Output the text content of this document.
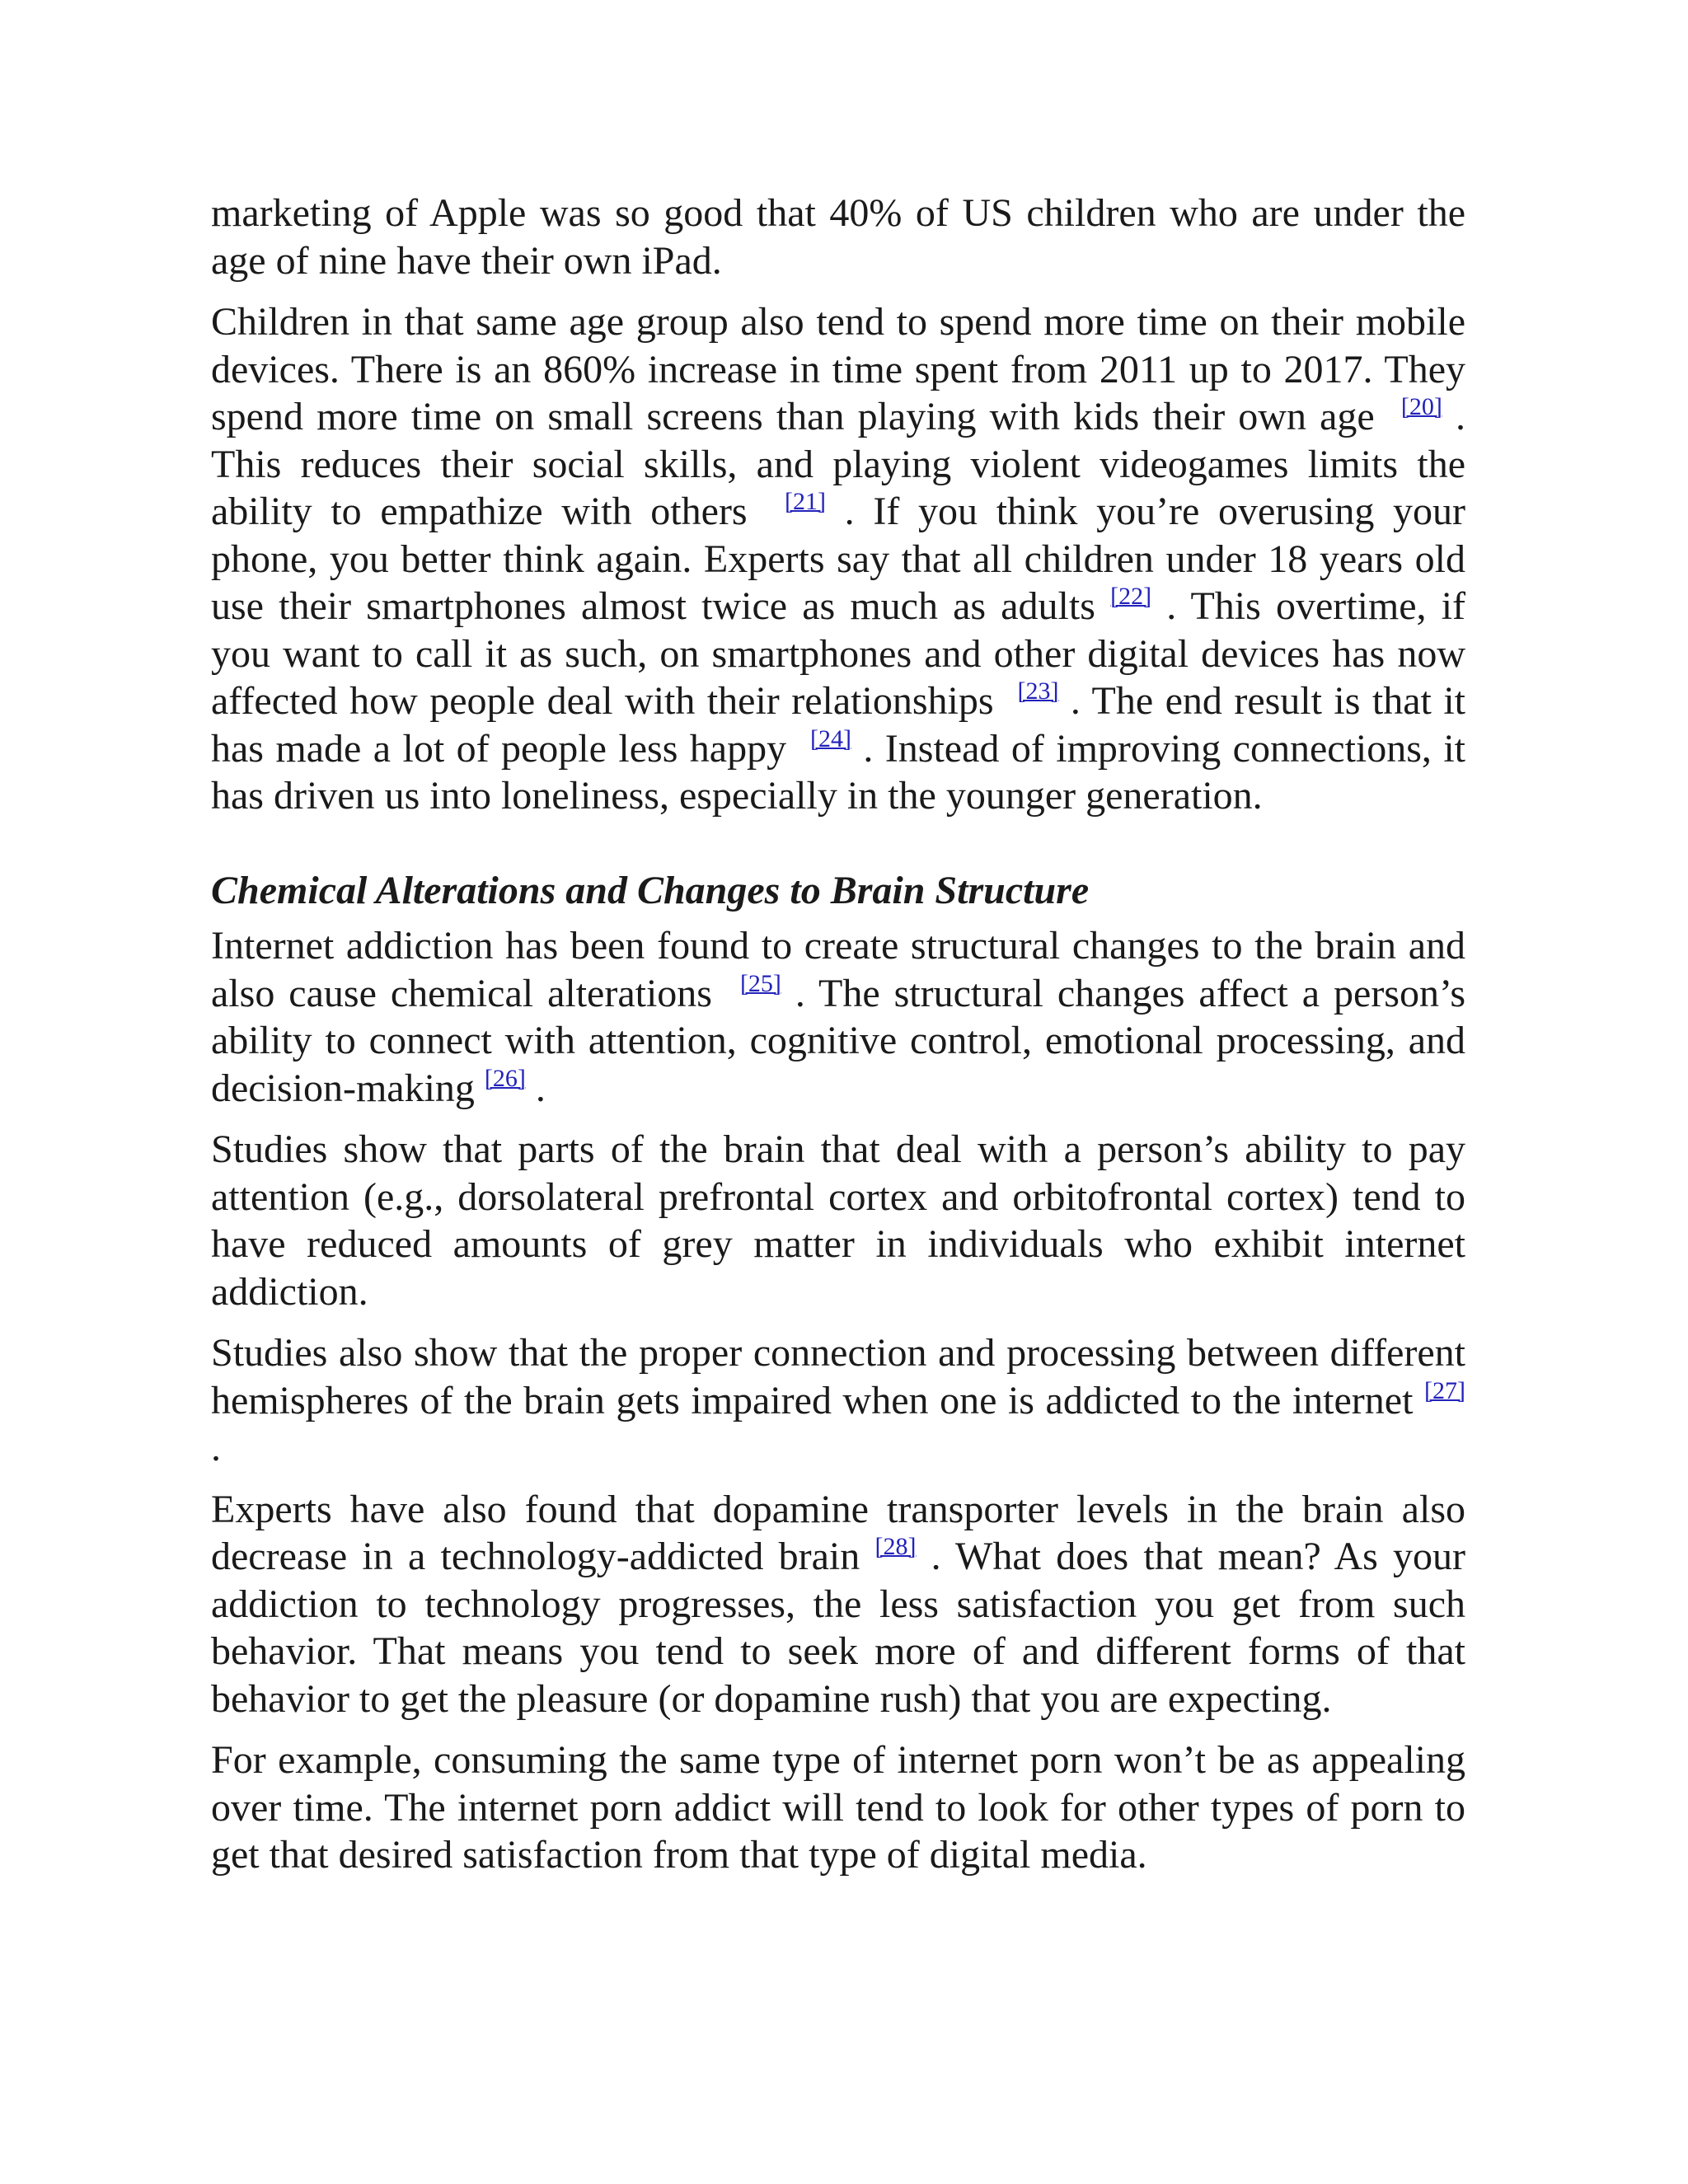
marketing of Apple was so good that 40% of US children who are under the age of nine have their own iPad.

Children in that same age group also tend to spend more time on their mobile devices. There is an 860% increase in time spent from 2011 up to 2017. They spend more time on small screens than playing with kids their own age [20] . This reduces their social skills, and playing violent videogames limits the ability to empathize with others [21] . If you think you’re overusing your phone, you better think again. Experts say that all children under 18 years old use their smartphones almost twice as much as adults [22] . This overtime, if you want to call it as such, on smartphones and other digital devices has now affected how people deal with their relationships [23] . The end result is that it has made a lot of people less happy [24] . Instead of improving connections, it has driven us into loneliness, especially in the younger generation.

Chemical Alterations and Changes to Brain Structure

Internet addiction has been found to create structural changes to the brain and also cause chemical alterations [25] . The structural changes affect a person’s ability to connect with attention, cognitive control, emotional processing, and decision-making [26] .

Studies show that parts of the brain that deal with a person’s ability to pay attention (e.g., dorsolateral prefrontal cortex and orbitofrontal cortex) tend to have reduced amounts of grey matter in individuals who exhibit internet addiction.

Studies also show that the proper connection and processing between different hemispheres of the brain gets impaired when one is addicted to the internet [27] .

Experts have also found that dopamine transporter levels in the brain also decrease in a technology-addicted brain [28] . What does that mean? As your addiction to technology progresses, the less satisfaction you get from such behavior. That means you tend to seek more of and different forms of that behavior to get the pleasure (or dopamine rush) that you are expecting.

For example, consuming the same type of internet porn won’t be as appealing over time. The internet porn addict will tend to look for other types of porn to get that desired satisfaction from that type of digital media.
